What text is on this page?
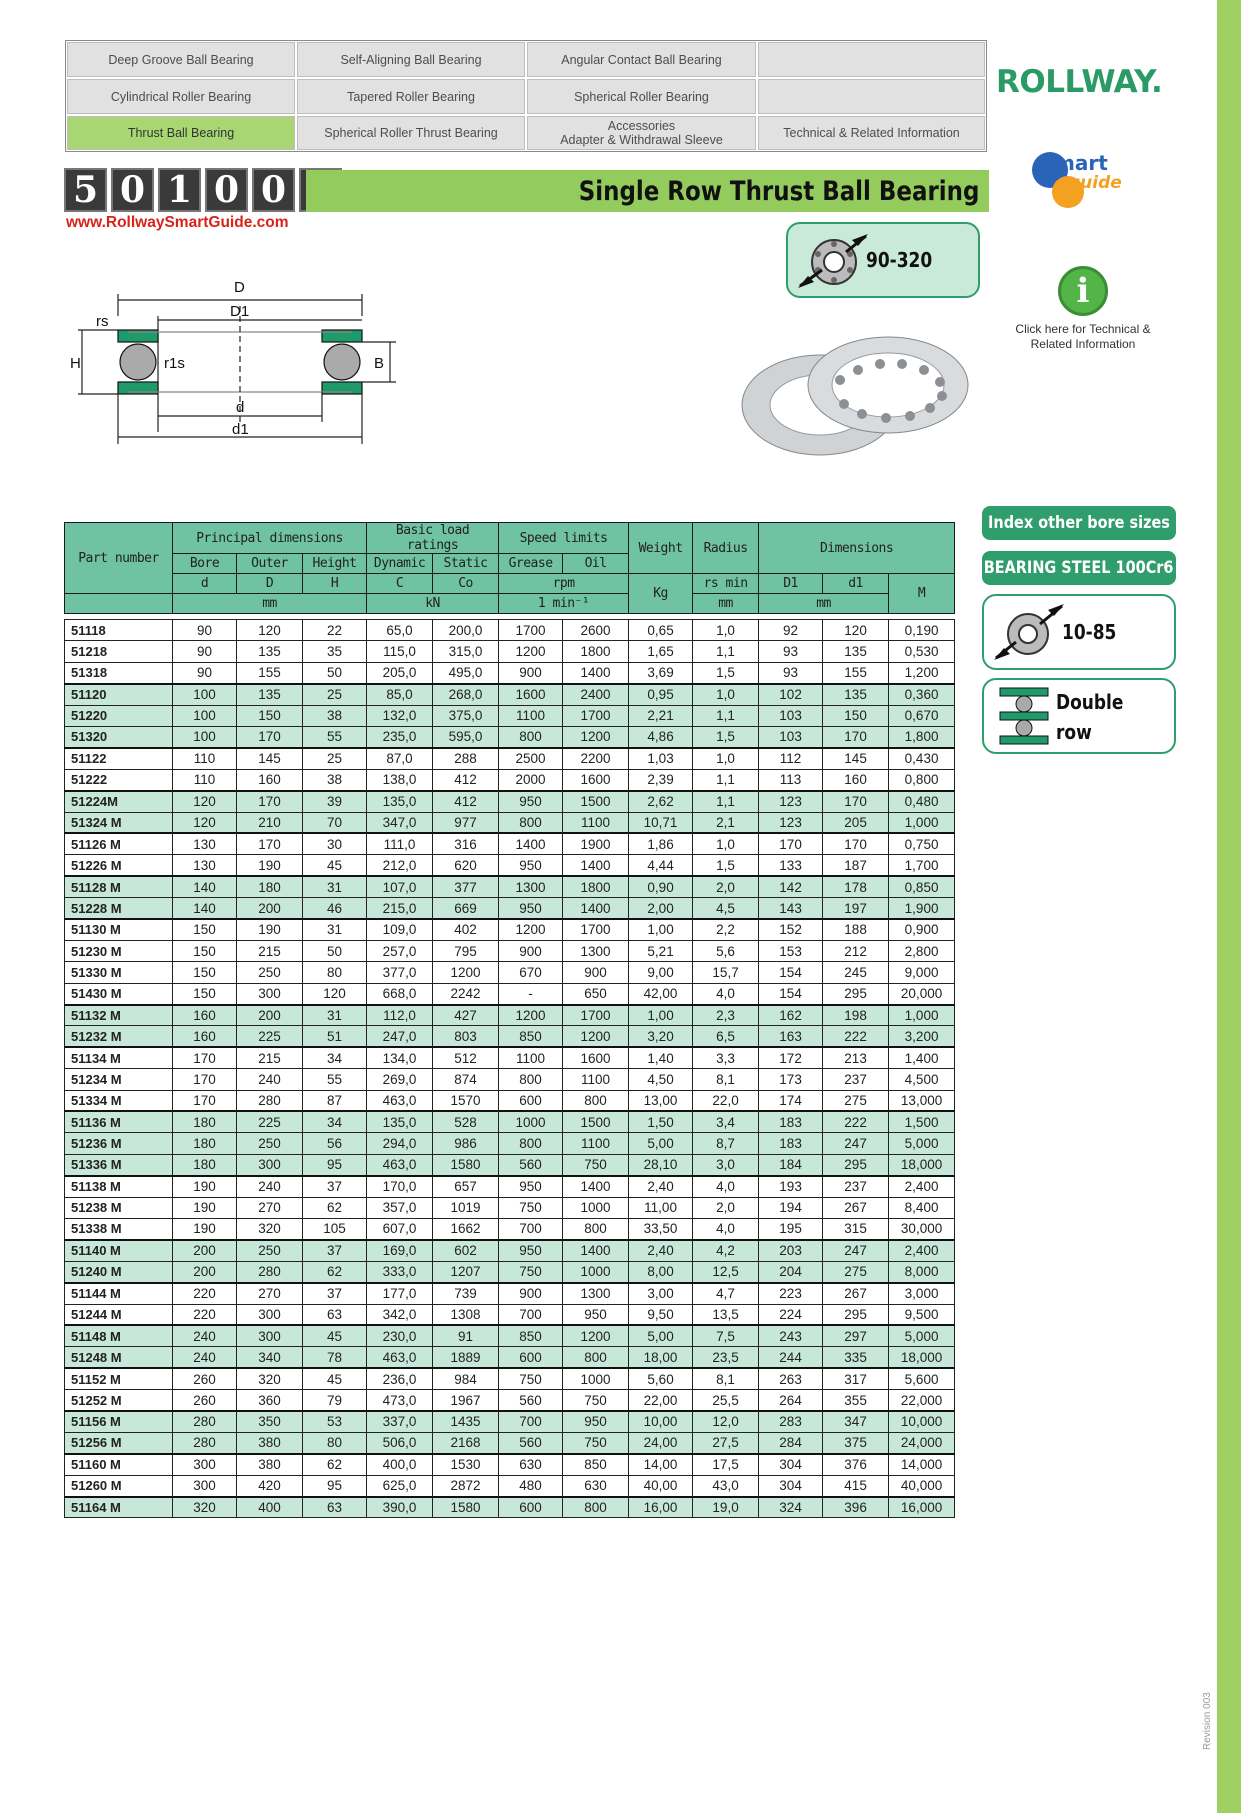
Deep Groove Ball Bearing	Self-Aligning Ball Bearing	Angular Contact Ball Bearing
Cylindrical Roller Bearing	Tapered Roller Bearing	Spherical Roller Bearing
Thrust Ball Bearing	Spherical Roller Thrust Bearing	Accessories
Adapter & Withdrawal Sleeve	Technical & Related Information
ROLLWAY.
5 0 1 0 0	Single Row Thrust Ball Bearing
www.RollwaySmartGuide.com
mart
guide
90-320
i
Click here for Technical & Related Information
D
D1
rs
H	r1s	B
d
d1
Index other bore sizes
BEARING STEEL 100Cr6
10-85
Double
row
Part number	Principal dimensions			Basic load ratings		Speed limits		Weight	Radius	Dimensions		
	Bore	Outer	Height	Dynamic	Static	Grease	Oil					
	d	D	H	C	Co	rpm		Kg	rs min	D1	d1	M
	mm			kN		1 min⁻¹			mm	mm		

51118	90	120	22	65,0	200,0	1700	2600	0,65	1,0	92	120	0,190
51218	90	135	35	115,0	315,0	1200	1800	1,65	1,1	93	135	0,530
51318	90	155	50	205,0	495,0	900	1400	3,69	1,5	93	155	1,200
51120	100	135	25	85,0	268,0	1600	2400	0,95	1,0	102	135	0,360
51220	100	150	38	132,0	375,0	1100	1700	2,21	1,1	103	150	0,670
51320	100	170	55	235,0	595,0	800	1200	4,86	1,5	103	170	1,800
51122	110	145	25	87,0	288	2500	2200	1,03	1,0	112	145	0,430
51222	110	160	38	138,0	412	2000	1600	2,39	1,1	113	160	0,800
51224M	120	170	39	135,0	412	950	1500	2,62	1,1	123	170	0,480
51324 M	120	210	70	347,0	977	800	1100	10,71	2,1	123	205	1,000
51126 M	130	170	30	111,0	316	1400	1900	1,86	1,0	170	170	0,750
51226 M	130	190	45	212,0	620	950	1400	4,44	1,5	133	187	1,700
51128 M	140	180	31	107,0	377	1300	1800	0,90	2,0	142	178	0,850
51228 M	140	200	46	215,0	669	950	1400	2,00	4,5	143	197	1,900
51130 M	150	190	31	109,0	402	1200	1700	1,00	2,2	152	188	0,900
51230 M	150	215	50	257,0	795	900	1300	5,21	5,6	153	212	2,800
51330 M	150	250	80	377,0	1200	670	900	9,00	15,7	154	245	9,000
51430 M	150	300	120	668,0	2242	-	650	42,00	4,0	154	295	20,000
51132 M	160	200	31	112,0	427	1200	1700	1,00	2,3	162	198	1,000
51232 M	160	225	51	247,0	803	850	1200	3,20	6,5	163	222	3,200
51134 M	170	215	34	134,0	512	1100	1600	1,40	3,3	172	213	1,400
51234 M	170	240	55	269,0	874	800	1100	4,50	8,1	173	237	4,500
51334 M	170	280	87	463,0	1570	600	800	13,00	22,0	174	275	13,000
51136 M	180	225	34	135,0	528	1000	1500	1,50	3,4	183	222	1,500
51236 M	180	250	56	294,0	986	800	1100	5,00	8,7	183	247	5,000
51336 M	180	300	95	463,0	1580	560	750	28,10	3,0	184	295	18,000
51138 M	190	240	37	170,0	657	950	1400	2,40	4,0	193	237	2,400
51238 M	190	270	62	357,0	1019	750	1000	11,00	2,0	194	267	8,400
51338 M	190	320	105	607,0	1662	700	800	33,50	4,0	195	315	30,000
51140 M	200	250	37	169,0	602	950	1400	2,40	4,2	203	247	2,400
51240 M	200	280	62	333,0	1207	750	1000	8,00	12,5	204	275	8,000
51144 M	220	270	37	177,0	739	900	1300	3,00	4,7	223	267	3,000
51244 M	220	300	63	342,0	1308	700	950	9,50	13,5	224	295	9,500
51148 M	240	300	45	230,0	91	850	1200	5,00	7,5	243	297	5,000
51248 M	240	340	78	463,0	1889	600	800	18,00	23,5	244	335	18,000
51152 M	260	320	45	236,0	984	750	1000	5,60	8,1	263	317	5,600
51252 M	260	360	79	473,0	1967	560	750	22,00	25,5	264	355	22,000
51156 M	280	350	53	337,0	1435	700	950	10,00	12,0	283	347	10,000
51256 M	280	380	80	506,0	2168	560	750	24,00	27,5	284	375	24,000
51160 M	300	380	62	400,0	1530	630	850	14,00	17,5	304	376	14,000
51260 M	300	420	95	625,0	2872	480	630	40,00	43,0	304	415	40,000
51164 M	320	400	63	390,0	1580	600	800	16,00	19,0	324	396	16,000
Revision 003
